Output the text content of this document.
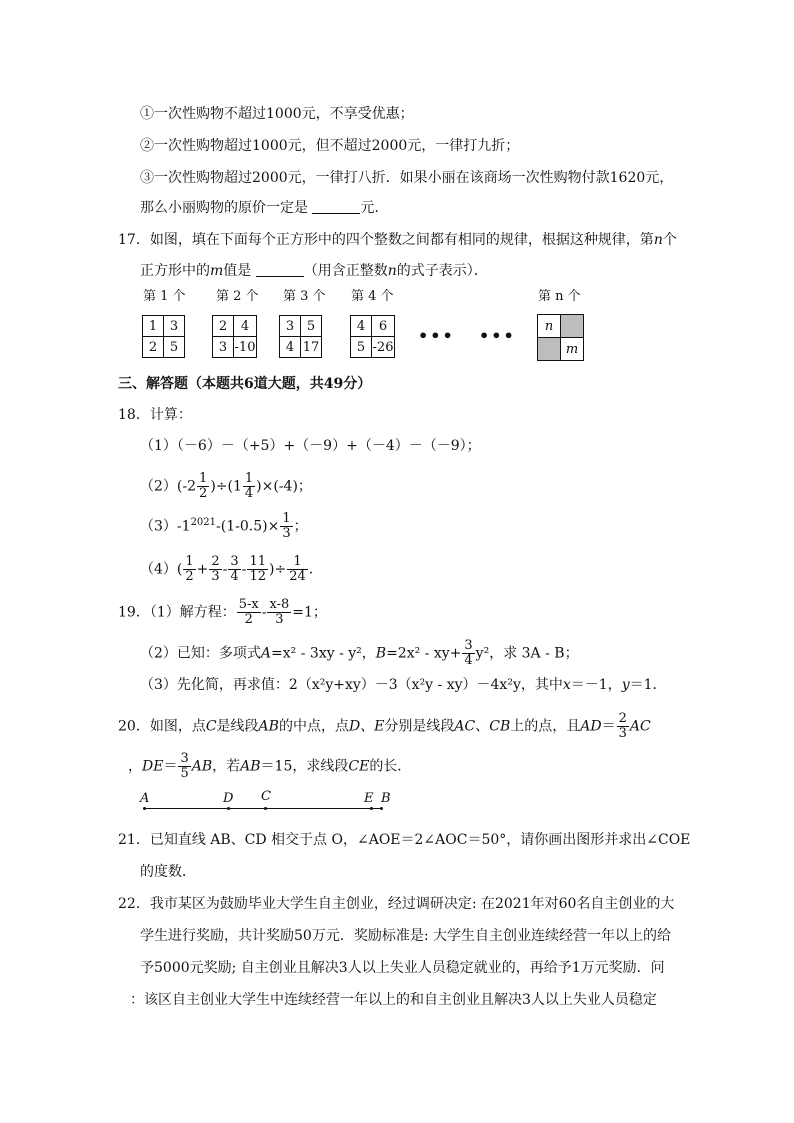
①一次性购物不超过1000元，不享受优惠；
②一次性购物超过1000元，但不超过2000元，一律打九折；
③一次性购物超过2000元，一律打八折．如果小丽在该商场一次性购物付款1620元，
那么小丽购物的原价一定是	元．
17．如图，填在下面每个正方形中的四个整数之间都有相同的规律，根据这种规律，第n个
正方形中的m值是	（用含正整数n的式子表示）．
第 1 个 第 2 个 第 3 个 第 4 个	第 n 个
1	3
2	5
2	4
3	-10
3	5
4	17
4	6
5	-26
••• ••• n	
	m
三、解答题（本题共6道大题，共49分）
18．计算：
（1）（－6）－（+5）+（－9）+（－4）－（－9）；
$(2)(-2 \frac{1}{2} )\div(1 \frac{1}{4} )\times(-4)$；
$(3)-1^{2021}-(1-0.5)\times \frac{1}{3}$ ；
$(4)( \frac{1}{2} + \frac{2}{3} - \frac{3}{4} - \frac{11}{12}$ )÷ $\frac{1}{24}$ ．
19．（1）解方程： $\frac{5-x}{2} - \frac{x-8}{3} =1$；
（2）已知：多项式A=x² - 3xy - y²，$B=2x^2 - xy+ \frac{3}{4} y^2$，求 3A - B；
（3）先化简，再求值：2（x²y+xy）－3（x²y - xy）－4x²y，其中x＝－1，y＝1．
20．如图，点C是线段AB的中点，点D、E分别是线段AC、CB上的点，且$AD= \frac{2}{3}$ AC
，$DE= \frac{3}{5}$ AB，若AB＝15，求线段CE的长．
A	D C	E B
21．已知直线 AB、CD 相交于点 O，∠AOE＝2∠AOC＝50°，请你画出图形并求出∠COE
的度数．
22．我市某区为鼓励毕业大学生自主创业，经过调研决定: 在2021年对60名自主创业的大
学生进行奖励，共计奖励50万元．奖励标准是: 大学生自主创业连续经营一年以上的给
予5000元奖励; 自主创业且解决3人以上失业人员稳定就业的，再给予1万元奖励．问
：该区自主创业大学生中连续经营一年以上的和自主创业且解决3人以上失业人员稳定
